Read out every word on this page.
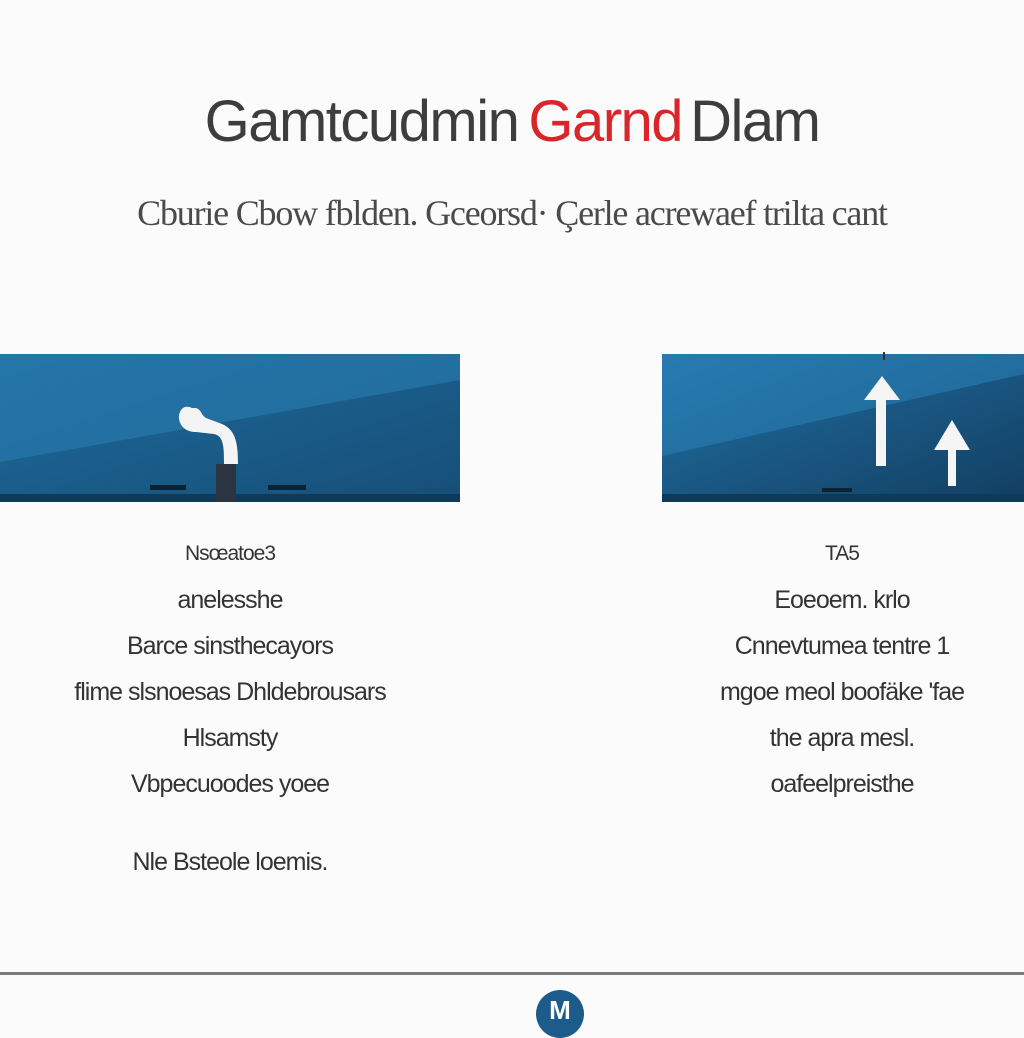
Gamtcudmin Garnd Dlam
Cburie Cbow fblden. Gceorsd· Çerle acrewaef trilta cant
Nsœatoe3
anelesshe
Barce sinsthecayors
flime slsnoesas Dhldebrousars
Hlsamsty
Vbpecuoodes yoee
Nle Bsteole loemis.
TA5
Eoeoem. krlo
Cnnevtumea tentre 1
mgoe meol boofäke 'fae
the apra mesl.
oafeelpreisthe
M
